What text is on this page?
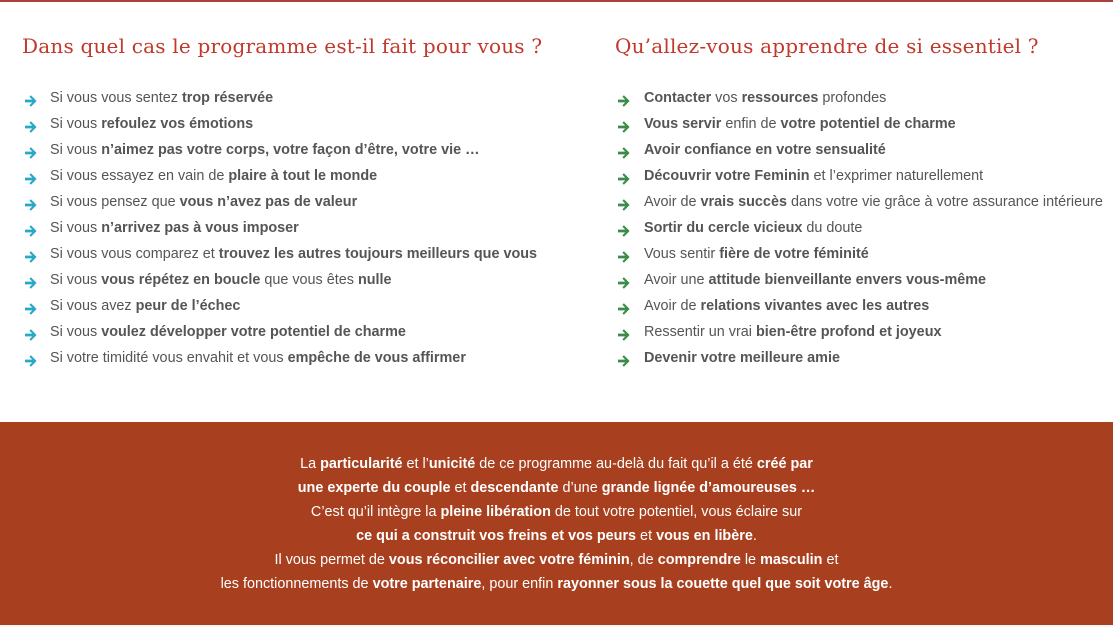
Dans quel cas le programme est-il fait pour vous ?
Si vous vous sentez trop réservée
Si vous refoulez vos émotions
Si vous n’aimez pas votre corps, votre façon d’être, votre vie …
Si vous essayez en vain de plaire à tout le monde
Si vous pensez que vous n’avez pas de valeur
Si vous n’arrivez pas à vous imposer
Si vous vous comparez et trouvez les autres toujours meilleurs que vous
Si vous vous répétez en boucle que vous êtes nulle
Si vous avez peur de l’échec
Si vous voulez développer votre potentiel de charme
Si votre timidité vous envahit et vous empêche de vous affirmer
Qu’allez-vous apprendre de si essentiel ?
Contacter vos ressources profondes
Vous servir enfin de votre potentiel de charme
Avoir confiance en votre sensualité
Découvrir votre Feminin et l’exprimer naturellement
Avoir de vrais succès dans votre vie grâce à votre assurance intérieure
Sortir du cercle vicieux du doute
Vous sentir fière de votre féminité
Avoir une attitude bienveillante envers vous-même
Avoir de relations vivantes avec les autres
Ressentir un vrai bien-être profond et joyeux
Devenir votre meilleure amie
La particularité et l’unicité de ce programme au-delà du fait qu’il a été créé par
une experte du couple et descendante d’une grande lignée d’amoureuses …
C’est qu’il intègre la pleine libération de tout votre potentiel, vous éclaire sur
ce qui a construit vos freins et vos peurs et vous en libère.
Il vous permet de vous réconcilier avec votre féminin, de comprendre le masculin et
les fonctionnements de votre partenaire, pour enfin rayonner sous la couette quel que soit votre âge.
